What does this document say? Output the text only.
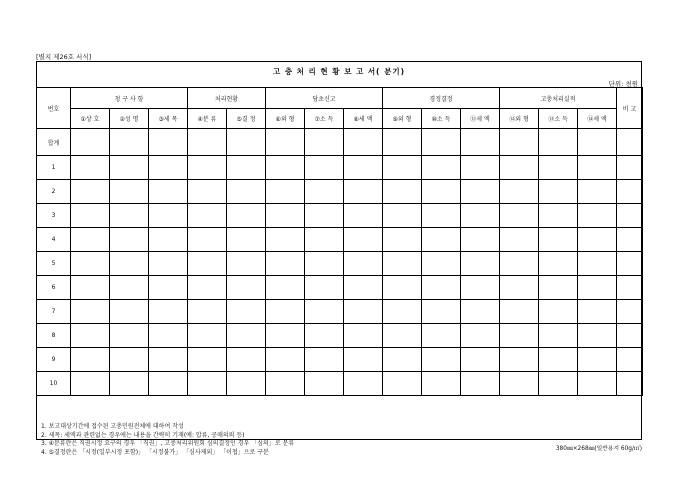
[별지 제26호 서식]
고 충 처 리 현 황 보 고 서( 분기)
단위: 천원
번호	청 구 사 항			처리현황		당초신고			경정결정			고충처리실적			비 고
	①상 호	②성 명	③세 목	④분 류	⑤결 정	⑥외 형	⑦소 득	⑧세 액	⑨외 형	⑩소 득	⑪세 액	⑫외 형	⑬소 득	⑭세 액	
합계															
1															
2															
3															
4															
5															
6															
7															
8															
9															
10															
1. 보고대상기간에 접수된 고충민원전체에 대하여 작성
2. 세목: 세액과 관련없는 경우에는 내용을 간략히 기재(예: 압류, 공매의뢰 등)
3. ④분류란은 직권시정 요구의 경우 「직권」, 고충처리위원회 심의결정인 경우 「심의」로 분류
4. ⑤결정란은 「시정(일부시정 포함)」 「시정불가」 「심사제외」 「이첩」으로 구분	380㎜×268㎜(일반용지 60g/㎡)
